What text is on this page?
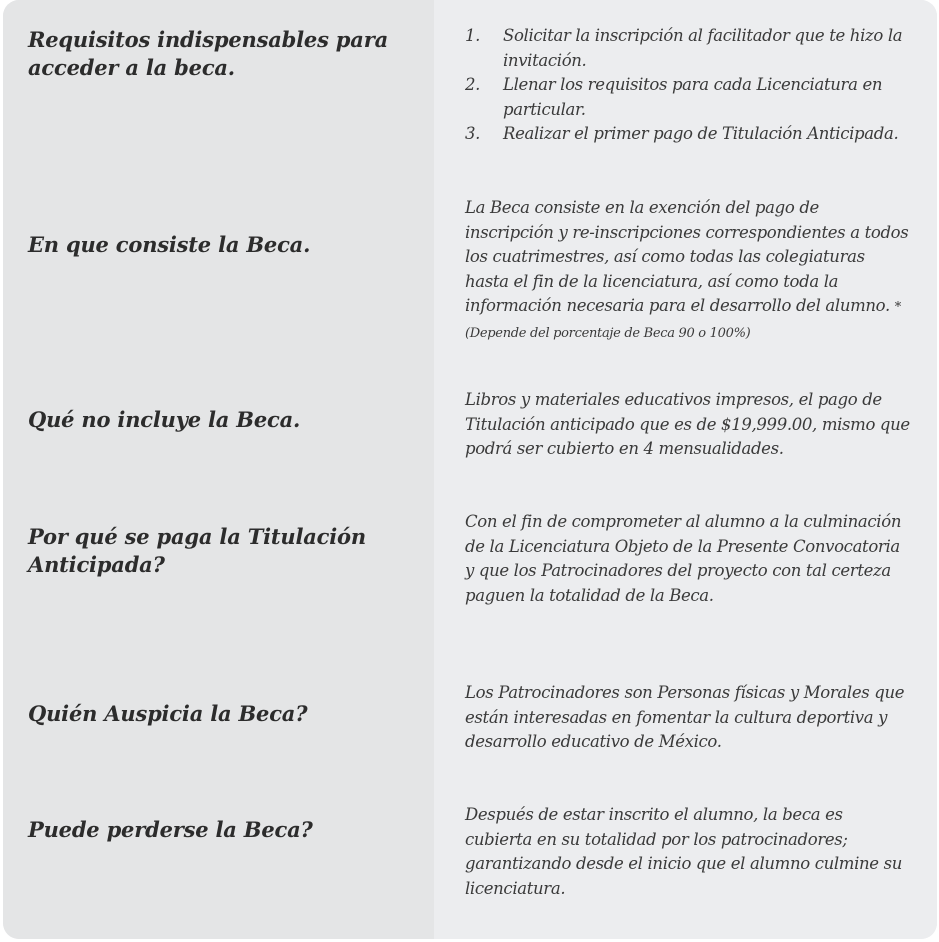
Requisitos indispensables para acceder a la beca.
1. Solicitar la inscripción al facilitador que te hizo la invitación.
2. Llenar los requisitos para cada Licenciatura en particular.
3. Realizar el primer pago de Titulación Anticipada.
En que consiste la Beca.
La Beca consiste en la exención del pago de inscripción y re-inscripciones correspondientes a todos los cuatrimestres, así como todas las colegiaturas hasta el fin de la licenciatura, así como toda la información necesaria para el desarrollo del alumno. *(Depende del porcentaje de Beca 90 o 100%)
Qué no incluye la Beca.
Libros y materiales educativos impresos, el pago de Titulación anticipado que es de $19,999.00, mismo que podrá ser cubierto en 4 mensualidades.
Por qué se paga la Titulación Anticipada?
Con el fin de comprometer al alumno a la culminación de la Licenciatura Objeto de la Presente Convocatoria y que los Patrocinadores del proyecto con tal certeza paguen la totalidad de la Beca.
Quién Auspicia la Beca?
Los Patrocinadores son Personas físicas y Morales que están interesadas en fomentar la cultura deportiva y desarrollo educativo de México.
Puede perderse la Beca?
Después de estar inscrito el alumno, la beca es cubierta en su totalidad por los patrocinadores; garantizando desde el inicio que el alumno culmine su licenciatura.
